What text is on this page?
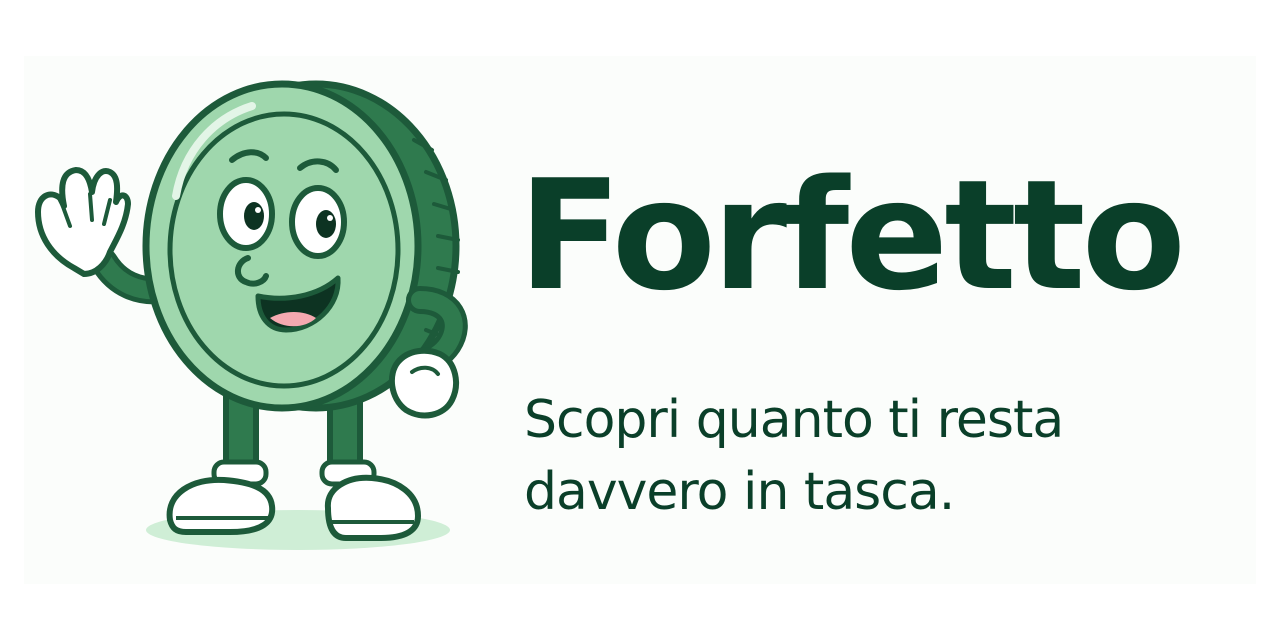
Forfetto

Scopri quanto ti resta
davvero in tasca.
